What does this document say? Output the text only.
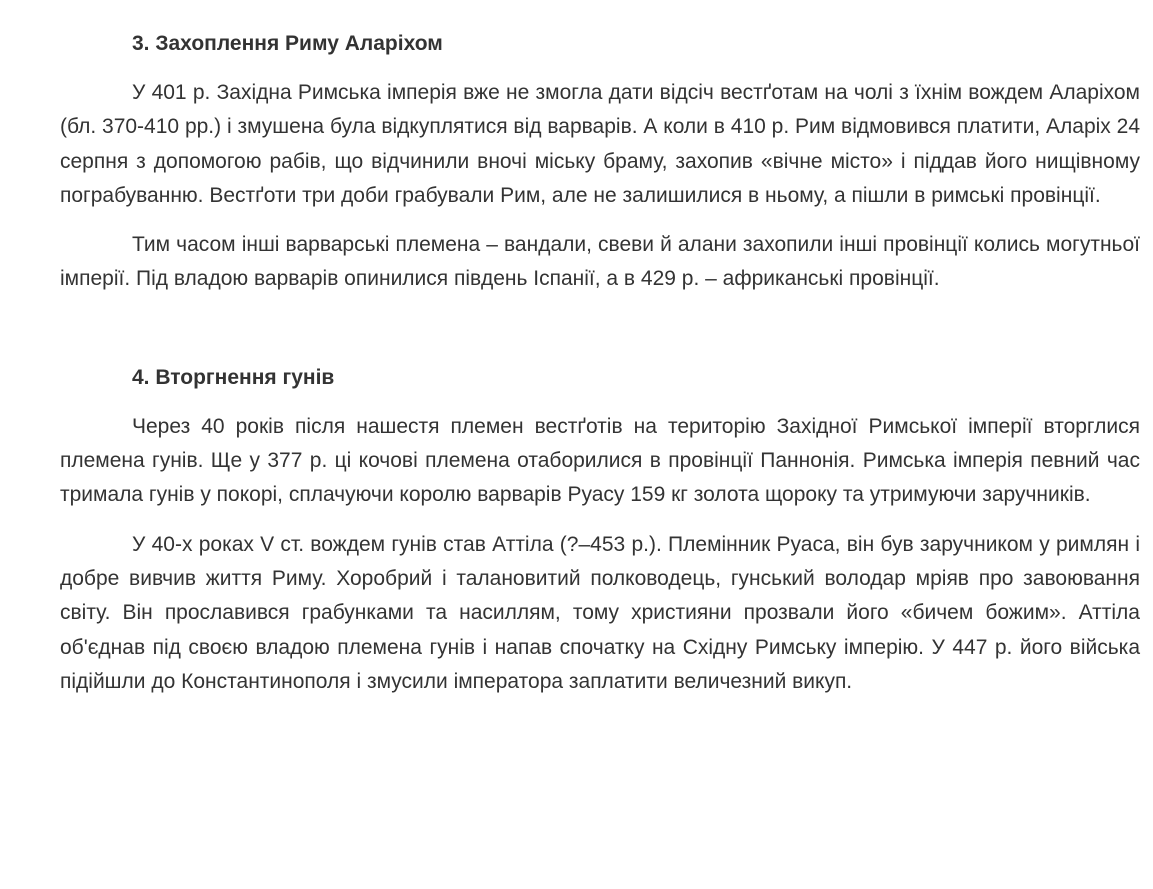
3. Захоплення Риму Аларіхом

У 401 р. Західна Римська імперія вже не змогла дати відсіч вестґотам на чолі з їхнім вождем Аларіхом (бл. 370-410 рр.) і змушена була відкуплятися від варварів. А коли в 410 р. Рим відмовився платити, Аларіх 24 серпня з допомогою рабів, що відчинили вночі міську браму, захопив «вічне місто» і піддав його нищівному пограбуванню. Вестґоти три доби грабували Рим, але не залишилися в ньому, а пішли в римські провінції.

Тим часом інші варварські племена – вандали, свеви й алани захопили інші провінції колись могутньої імперії. Під владою варварів опинилися південь Іспанії, а в 429 р. – африканські провінції.

4. Вторгнення гунів

Через 40 років після нашестя племен вестґотів на територію Західної Римської імперії вторглися племена гунів. Ще у 377 р. ці кочові племена отаборилися в провінції Паннонія. Римська імперія певний час тримала гунів у покорі, сплачуючи королю варварів Руасу 159 кг золота щороку та утримуючи заручників.

У 40-х роках V ст. вождем гунів став Аттіла (?–453 р.). Племінник Руаса, він був заручником у римлян і добре вивчив життя Риму. Хоробрий і талановитий полководець, гунський володар мріяв про завоювання світу. Він прославився грабунками та насиллям, тому християни прозвали його «бичем божим». Аттіла об'єднав під своєю владою племена гунів і напав спочатку на Східну Римську імперію. У 447 р. його війська підійшли до Константинополя і змусили імператора заплатити величезний викуп.
